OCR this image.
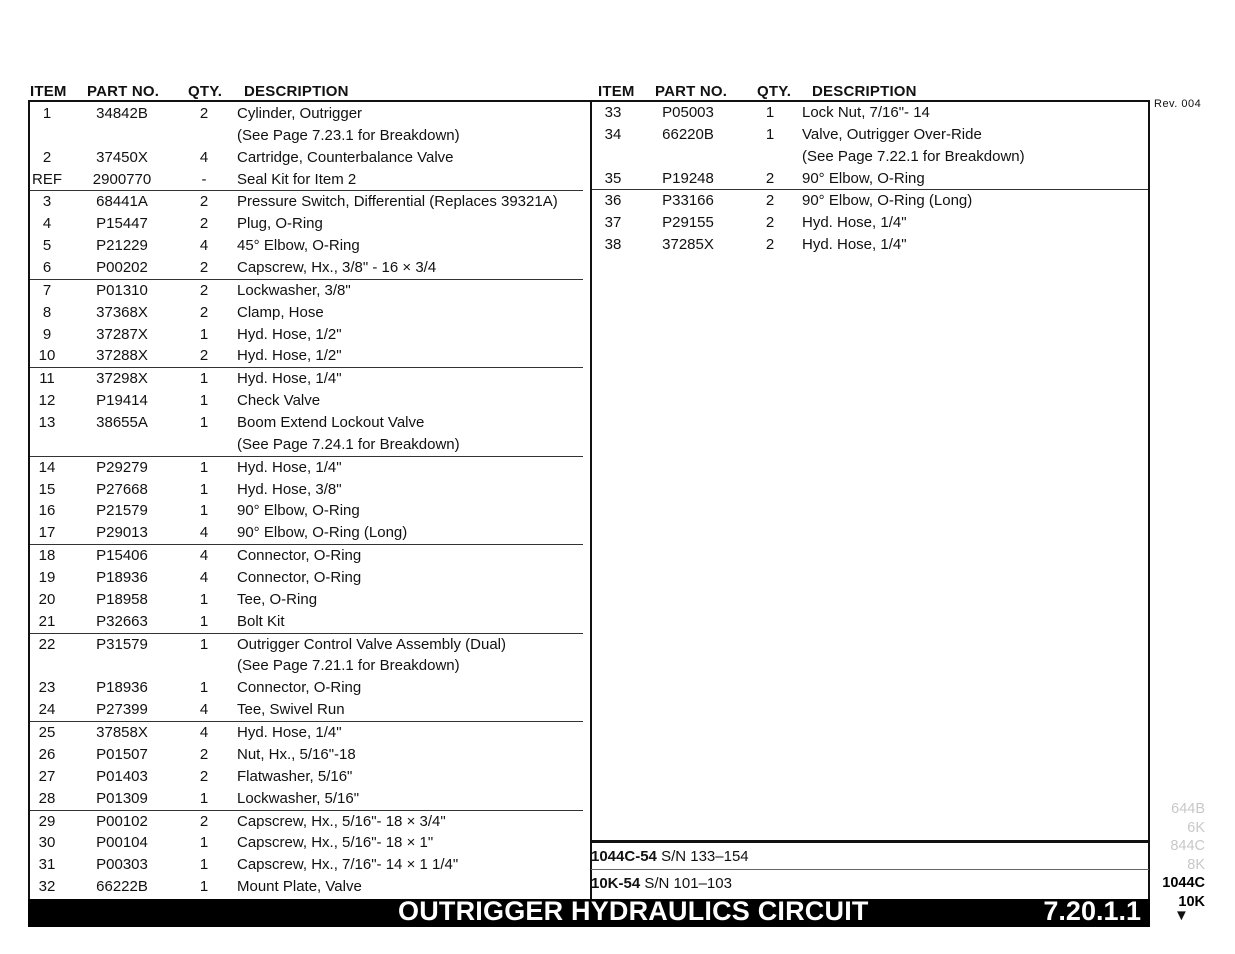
ITEM PART NO. QTY. DESCRIPTION	ITEM PART NO. QTY. DESCRIPTION
Rev. 004
1	34842B	2	Cylinder, Outrigger
(See Page 7.23.1 for Breakdown)
2	37450X	4	Cartridge, Counterbalance Valve
REF	2900770	-	Seal Kit for Item 2
3	68441A	2	Pressure Switch, Differential (Replaces 39321A)
4	P15447	2	Plug, O-Ring
5	P21229	4	45° Elbow, O-Ring
6	P00202	2	Capscrew, Hx., 3/8" - 16 × 3/4
7	P01310	2	Lockwasher, 3/8"
8	37368X	2	Clamp, Hose
9	37287X	1	Hyd. Hose, 1/2"
10	37288X	2	Hyd. Hose, 1/2"
11	37298X	1	Hyd. Hose, 1/4"
12	P19414	1	Check Valve
13	38655A	1	Boom Extend Lockout Valve
(See Page 7.24.1 for Breakdown)
14	P29279	1	Hyd. Hose, 1/4"
15	P27668	1	Hyd. Hose, 3/8"
16	P21579	1	90° Elbow, O-Ring
17	P29013	4	90° Elbow, O-Ring (Long)
18	P15406	4	Connector, O-Ring
19	P18936	4	Connector, O-Ring
20	P18958	1	Tee, O-Ring
21	P32663	1	Bolt Kit
22	P31579	1	Outrigger Control Valve Assembly (Dual)
(See Page 7.21.1 for Breakdown)
23	P18936	1	Connector, O-Ring
24	P27399	4	Tee, Swivel Run
25	37858X	4	Hyd. Hose, 1/4"
26	P01507	2	Nut, Hx., 5/16"-18
27	P01403	2	Flatwasher, 5/16"
28	P01309	1	Lockwasher, 5/16"
29	P00102	2	Capscrew, Hx., 5/16"- 18 × 3/4"
30	P00104	1	Capscrew, Hx., 5/16"- 18 × 1"
31	P00303	1	Capscrew, Hx., 7/16"- 14 × 1 1/4"
32	66222B	1	Mount Plate, Valve
33	P05003	1	Lock Nut, 7/16"- 14
34	66220B	1	Valve, Outrigger Over-Ride
(See Page 7.22.1 for Breakdown)
35	P19248	2	90° Elbow, O-Ring
36	P33166	2	90° Elbow, O-Ring (Long)
37	P29155	2	Hyd. Hose, 1/4"
38	37285X	2	Hyd. Hose, 1/4"
1044C-54 S/N 133–154
10K-54 S/N 101–103
644B
6K
844C
8K
1044C
10K
OUTRIGGER HYDRAULICS CIRCUIT	7.20.1.1 ▼
